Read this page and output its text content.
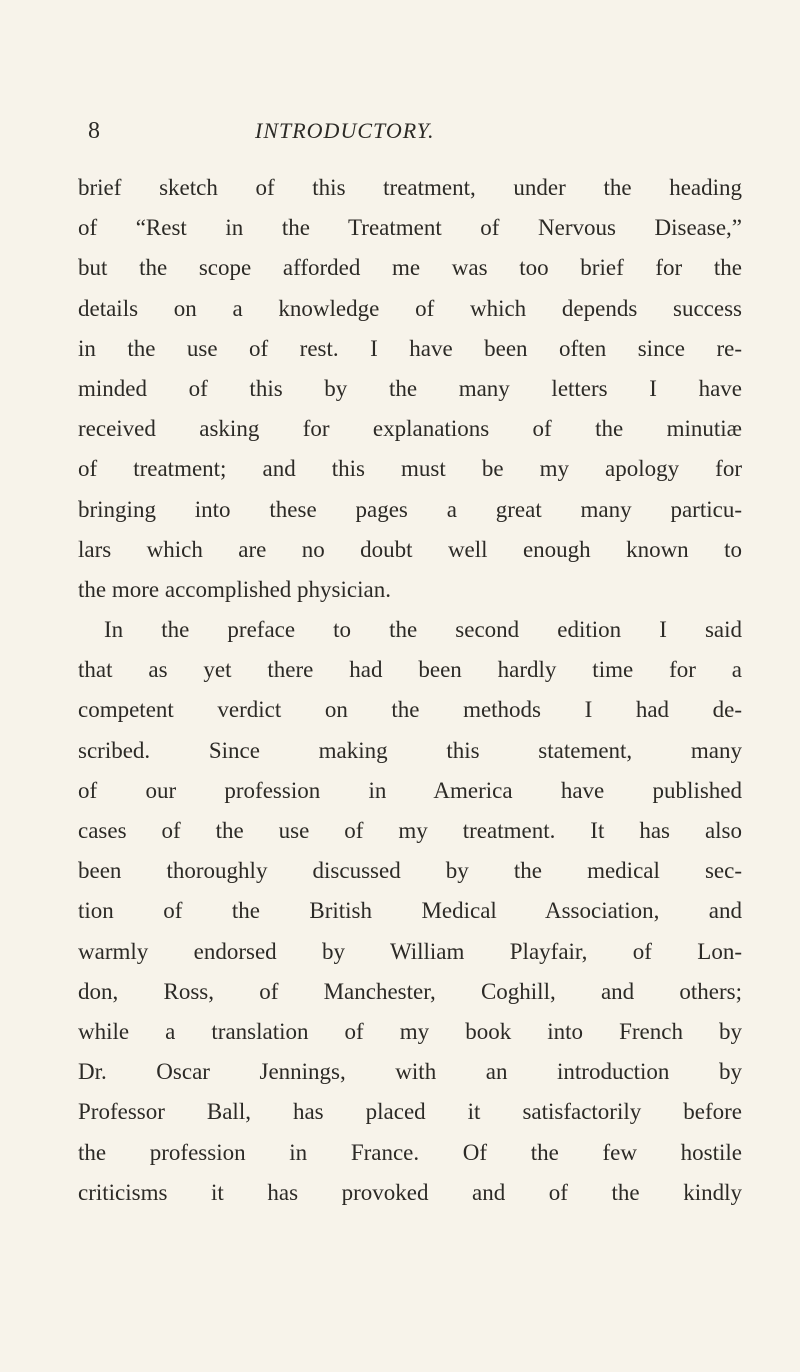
8	INTRODUCTORY.
brief sketch of this treatment, under the heading
of “Rest in the Treatment of Nervous Disease,”
but the scope afforded me was too brief for the
details on a knowledge of which depends success
in the use of rest. I have been often since re-
minded of this by the many letters I have
received asking for explanations of the minutiæ
of treatment; and this must be my apology for
bringing into these pages a great many particu-
lars which are no doubt well enough known to
the more accomplished physician.
In the preface to the second edition I said
that as yet there had been hardly time for a
competent verdict on the methods I had de-
scribed. Since making this statement, many
of our profession in America have published
cases of the use of my treatment. It has also
been thoroughly discussed by the medical sec-
tion of the British Medical Association, and
warmly endorsed by William Playfair, of Lon-
don, Ross, of Manchester, Coghill, and others;
while a translation of my book into French by
Dr. Oscar Jennings, with an introduction by
Professor Ball, has placed it satisfactorily before
the profession in France. Of the few hostile
criticisms it has provoked and of the kindly
